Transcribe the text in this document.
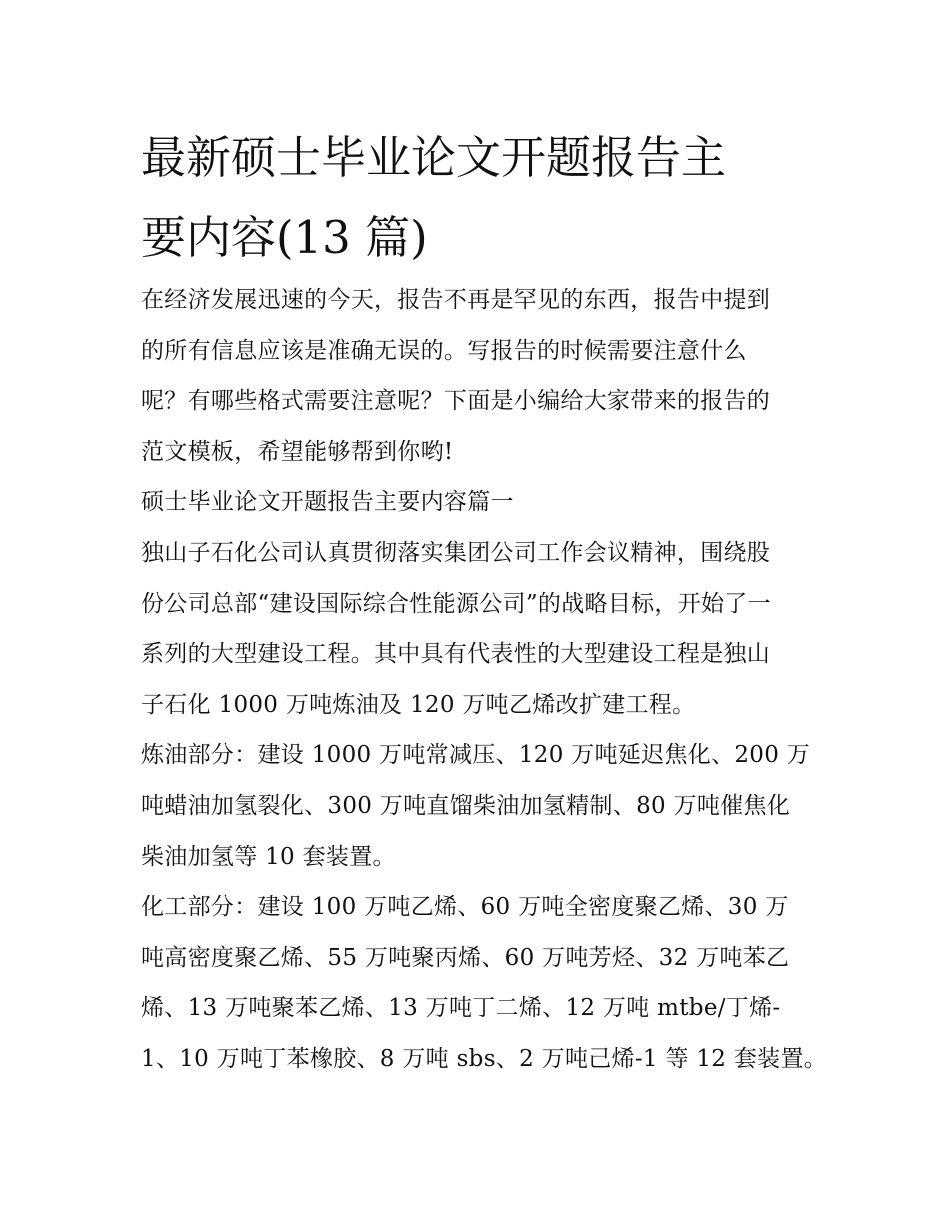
最新硕士毕业论文开题报告主
要内容(13 篇)
在经济发展迅速的今天，报告不再是罕见的东西，报告中提到
的所有信息应该是准确无误的。写报告的时候需要注意什么
呢？有哪些格式需要注意呢？下面是小编给大家带来的报告的
范文模板，希望能够帮到你哟!
硕士毕业论文开题报告主要内容篇一
独山子石化公司认真贯彻落实集团公司工作会议精神，围绕股
份公司总部“建设国际综合性能源公司”的战略目标，开始了一
系列的大型建设工程。其中具有代表性的大型建设工程是独山
子石化 1000 万吨炼油及 120 万吨乙烯改扩建工程。
炼油部分：建设 1000 万吨常减压、120 万吨延迟焦化、200 万
吨蜡油加氢裂化、300 万吨直馏柴油加氢精制、80 万吨催焦化
柴油加氢等 10 套装置。
化工部分：建设 100 万吨乙烯、60 万吨全密度聚乙烯、30 万
吨高密度聚乙烯、55 万吨聚丙烯、60 万吨芳烃、32 万吨苯乙
烯、13 万吨聚苯乙烯、13 万吨丁二烯、12 万吨 mtbe/丁烯-
1、10 万吨丁苯橡胶、8 万吨 sbs、2 万吨己烯-1 等 12 套装置。
